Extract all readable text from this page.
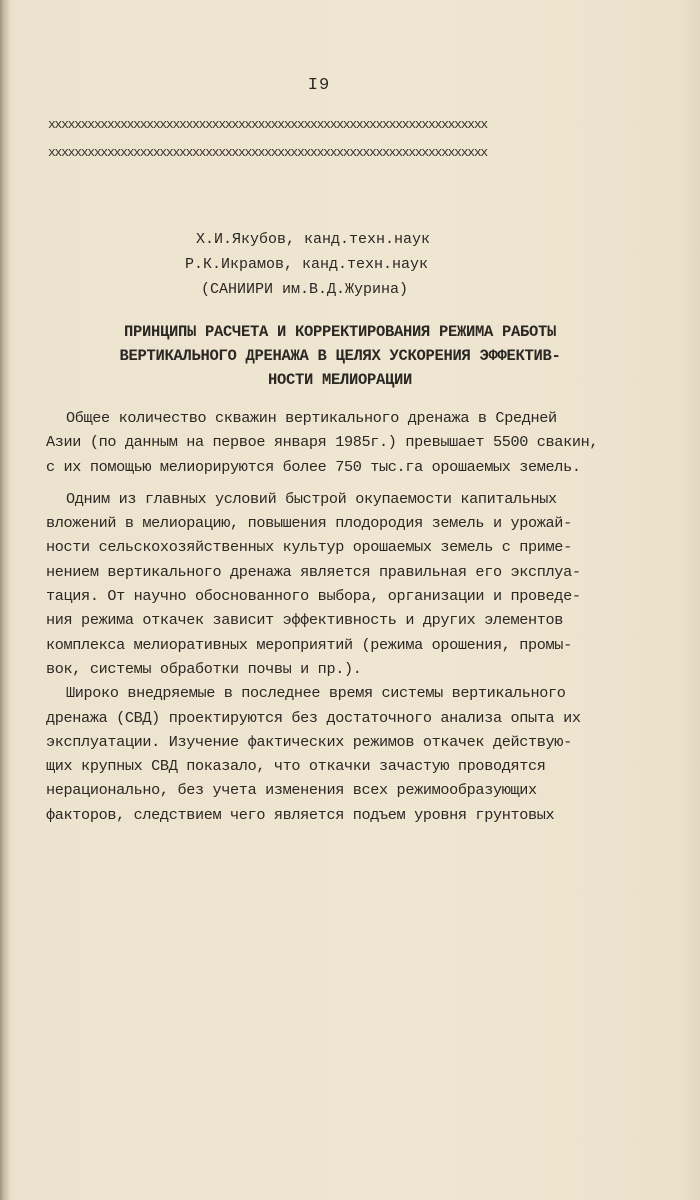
I9
xxxxxxxxxxxxxxxxxxxxxxxxxxxxxxxxxxxxxxxxxxxxxxxxxxxxxxxxxxxxxxxxxxx
xxxxxxxxxxxxxxxxxxxxxxxxxxxxxxxxxxxxxxxxxxxxxxxxxxxxxxxxxxxxxxxxxxx
Х.И.Якубов, канд.техн.наук
Р.К.Икрамов, канд.техн.наук
(САНИИРИ им.В.Д.Журина)
ПРИНЦИПЫ РАСЧЕТА И КОРРЕКТИРОВАНИЯ РЕЖИМА РАБОТЫ
ВЕРТИКАЛЬНОГО ДРЕНАЖА В ЦЕЛЯХ УСКОРЕНИЯ ЭФФЕКТИВ-
НОСТИ МЕЛИОРАЦИИ
Общее количество скважин вертикального дренажа в Средней
Азии (по данным на первое января 1985г.) превышает 5500 свакин,
с их помощью мелиорируются более 750 тыс.га орошаемых земель.
Одним из главных условий быстрой окупаемости капитальных
вложений в мелиорацию, повышения плодородия земель и урожай-
ности сельскохозяйственных культур орошаемых земель с приме-
нением вертикального дренажа является правильная его эксплуа-
тация. От научно обоснованного выбора, организации и проведе-
ния режима откачек зависит эффективность и других элементов
комплекса мелиоративных мероприятий (режима орошения, промы-
вок, системы обработки почвы и пр.).
Широко внедряемые в последнее время системы вертикального
дренажа (СВД) проектируются без достаточного анализа опыта их
эксплуатации. Изучение фактических режимов откачек действую-
щих крупных СВД показало, что откачки зачастую проводятся
нерационально, без учета изменения всех режимообразующих
факторов, следствием чего является подъем уровня грунтовых
